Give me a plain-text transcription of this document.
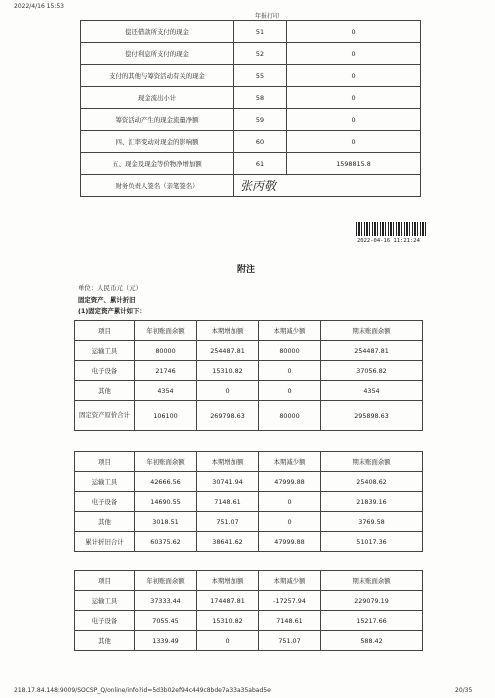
2022/4/16 15:53
年报打印
偿还借款所支付的现金	51	0
偿付利息所支付的现金	52	0
支付的其他与筹资活动有关的现金	55	0
现金流出小计	58	0
筹资活动产生的现金流量净额	59	0
四、汇率变动对现金的影响额	60	0
五、现金及现金等价物净增加额	61	1598815.8
财务负责人签名（亲笔签名）	张丙敬	
2022-04-16 11:21:24
附注
单位：人民币元（元）
固定资产、累计折旧
(1)固定资产累计如下：
项目	年初账面余额	本期增加额	本期减少额	期末账面余额
运输工具	80000	254487.81	80000	254487.81
电子设备	21746	15310.82	0	37056.82
其他	4354	0	0	4354
固定资产原价合计	106100	269798.63	80000	295898.63
项目	年初账面余额	本期增加额	本期减少额	期末账面余额
运输工具	42666.56	30741.94	47999.88	25408.62
电子设备	14690.55	7148.61	0	21839.16
其他	3018.51	751.07	0	3769.58
累计折旧合计	60375.62	38641.62	47999.88	51017.36
项目	年初账面余额	本期增加额	本期减少额	期末账面余额
运输工具	37333.44	174487.81	-17257.94	229079.19
电子设备	7055.45	15310.82	7148.61	15217.66
其他	1339.49	0	751.07	588.42
218.17.84.148:9009/SOCSP_Q/online/info?id=5d3b02ef94c449c8bde7a33a35abad5e	20/35
